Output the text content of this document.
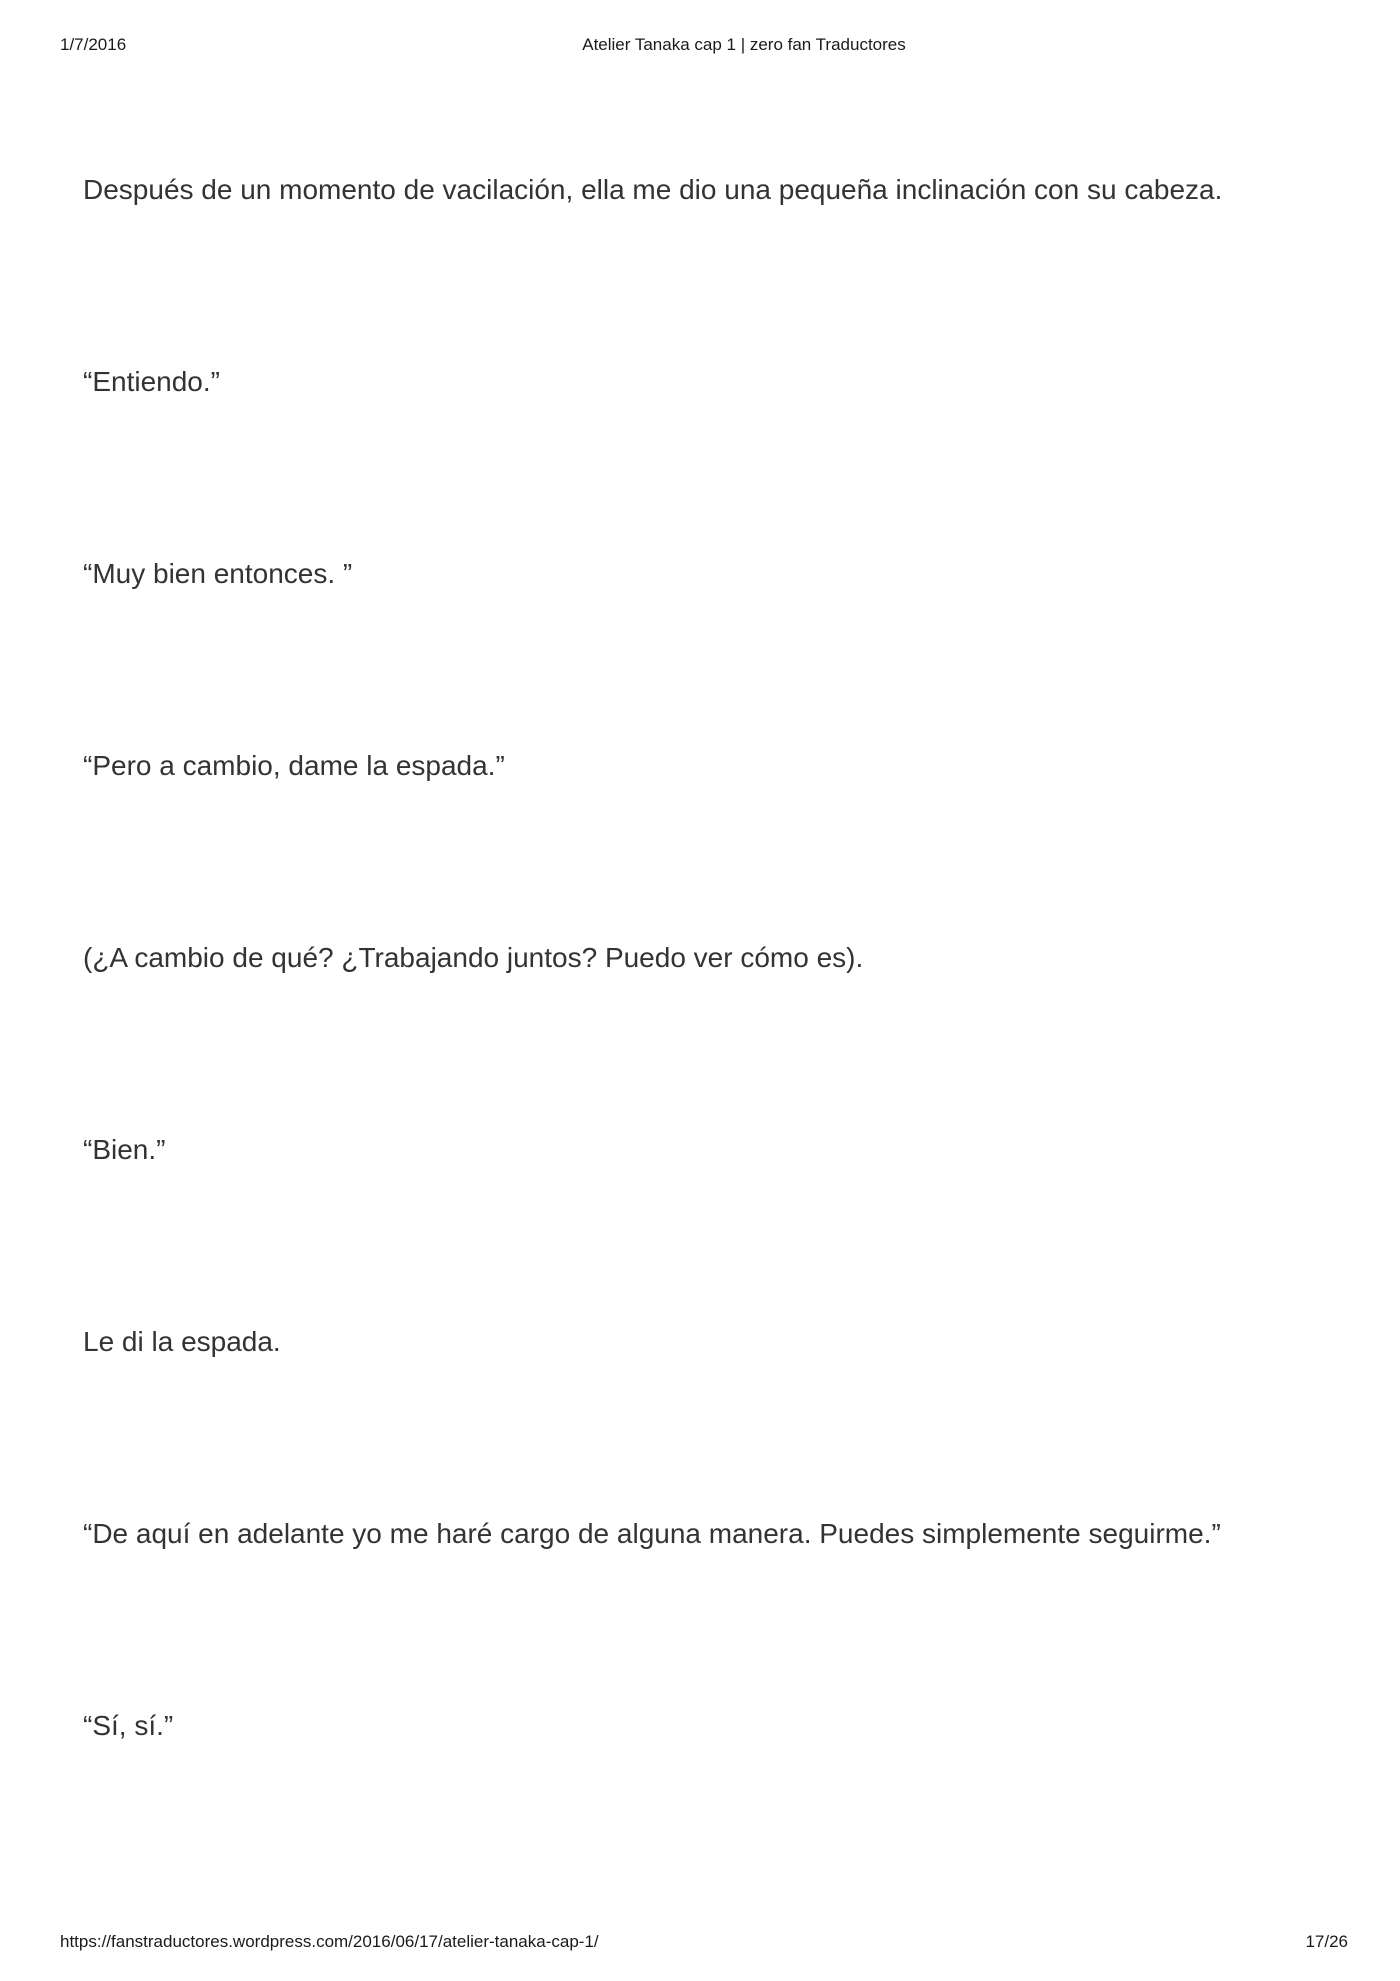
1/7/2016	Atelier Tanaka cap 1 | zero fan Traductores

Después de un momento de vacilación, ella me dio una pequeña inclinación con su cabeza.

“Entiendo.”

“Muy bien entonces. ”

“Pero a cambio, dame la espada.”

(¿A cambio de qué? ¿Trabajando juntos? Puedo ver cómo es).

“Bien.”

Le di la espada.

“De aquí en adelante yo me haré cargo de alguna manera. Puedes simplemente seguirme.”

“Sí, sí.”

https://fanstraductores.wordpress.com/2016/06/17/atelier-tanaka-cap-1/	17/26
